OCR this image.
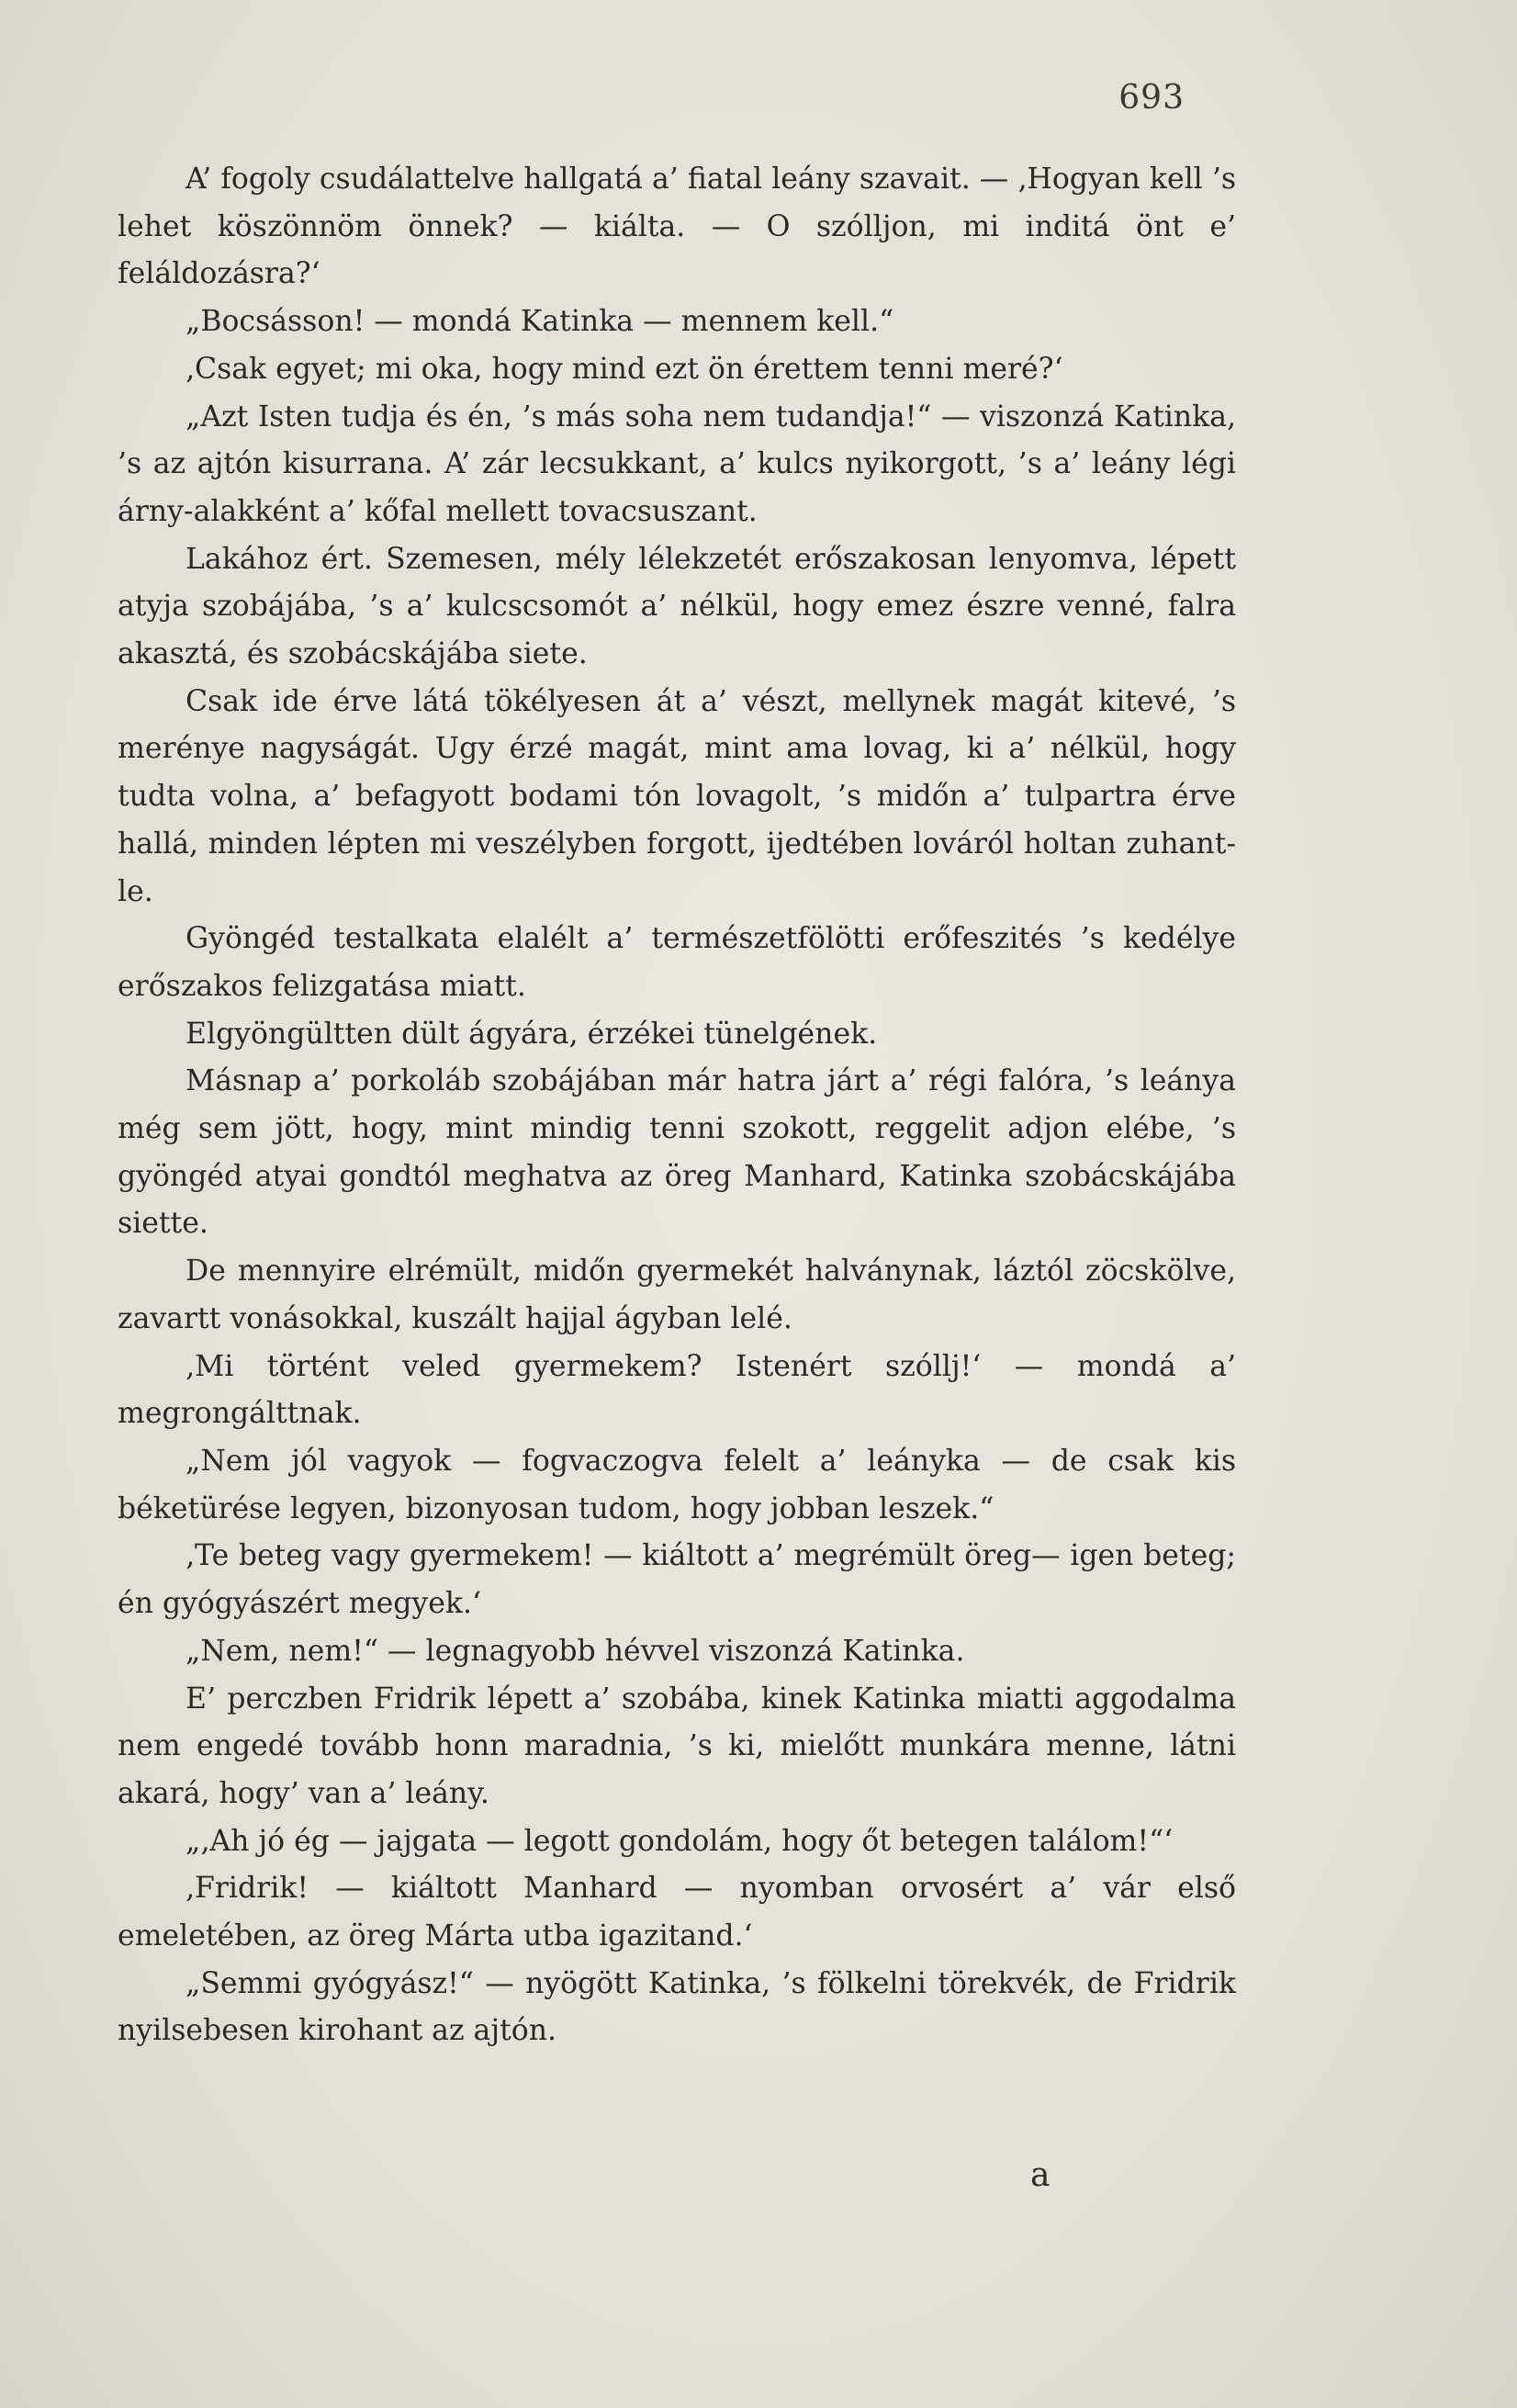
693

A’ fogoly csudálattelve hallgatá a’ fiatal leány szavait. — ‚Hogyan kell ’s lehet köszönnöm önnek? — kiálta. — O szólljon, mi inditá önt e’ feláldozásra?‘

„Bocsásson! — mondá Katinka — mennem kell.“

‚Csak egyet; mi oka, hogy mind ezt ön érettem tenni meré?‘

„Azt Isten tudja és én, ’s más soha nem tudandja!“ — viszonzá Katinka, ’s az ajtón kisurrana. A’ zár lecsukkant, a’ kulcs nyikorgott, ’s a’ leány légi árny-alakként a’ kőfal mellett tovacsuszant.

Lakához ért. Szemesen, mély lélekzetét erőszakosan lenyomva, lépett atyja szobájába, ’s a’ kulcscsomót a’ nélkül, hogy emez észre venné, falra akasztá, és szobácskájába siete.

Csak ide érve látá tökélyesen át a’ vészt, mellynek magát kitevé, ’s merénye nagyságát. Ugy érzé magát, mint ama lovag, ki a’ nélkül, hogy tudta volna, a’ befagyott bodami tón lovagolt, ’s midőn a’ tulpartra érve hallá, minden lépten mi veszélyben forgott, ijedtében lováról holtan zuhant-le.

Gyöngéd testalkata elalélt a’ természetfölötti erőfeszités ’s kedélye erőszakos felizgatása miatt.

Elgyöngültten dült ágyára, érzékei tünelgének.

Másnap a’ porkoláb szobájában már hatra járt a’ régi falóra, ’s leánya még sem jött, hogy, mint mindig tenni szokott, reggelit adjon elébe, ’s gyöngéd atyai gondtól meghatva az öreg Manhard, Katinka szobácskájába siette.

De mennyire elrémült, midőn gyermekét halványnak, láztól zöcskölve, zavartt vonásokkal, kuszált hajjal ágyban lelé.

‚Mi történt veled gyermekem? Istenért szóllj!‘ — mondá a’ megrongálttnak.

„Nem jól vagyok — fogvaczogva felelt a’ leányka — de csak kis béketürése legyen, bizonyosan tudom, hogy jobban leszek.“

‚Te beteg vagy gyermekem! — kiáltott a’ megrémült öreg— igen beteg; én gyógyászért megyek.‘

„Nem, nem!“ — legnagyobb hévvel viszonzá Katinka.

E’ perczben Fridrik lépett a’ szobába, kinek Katinka miatti aggodalma nem engedé tovább honn maradnia, ’s ki, mielőtt munkára menne, látni akará, hogy’ van a’ leány.

„‚Ah jó ég — jajgata — legott gondolám, hogy őt betegen találom!“‘

‚Fridrik! — kiáltott Manhard — nyomban orvosért a’ vár első emeletében, az öreg Márta utba igazitand.‘

„Semmi gyógyász!“ — nyögött Katinka, ’s fölkelni törekvék, de Fridrik nyilsebesen kirohant az ajtón.

a
